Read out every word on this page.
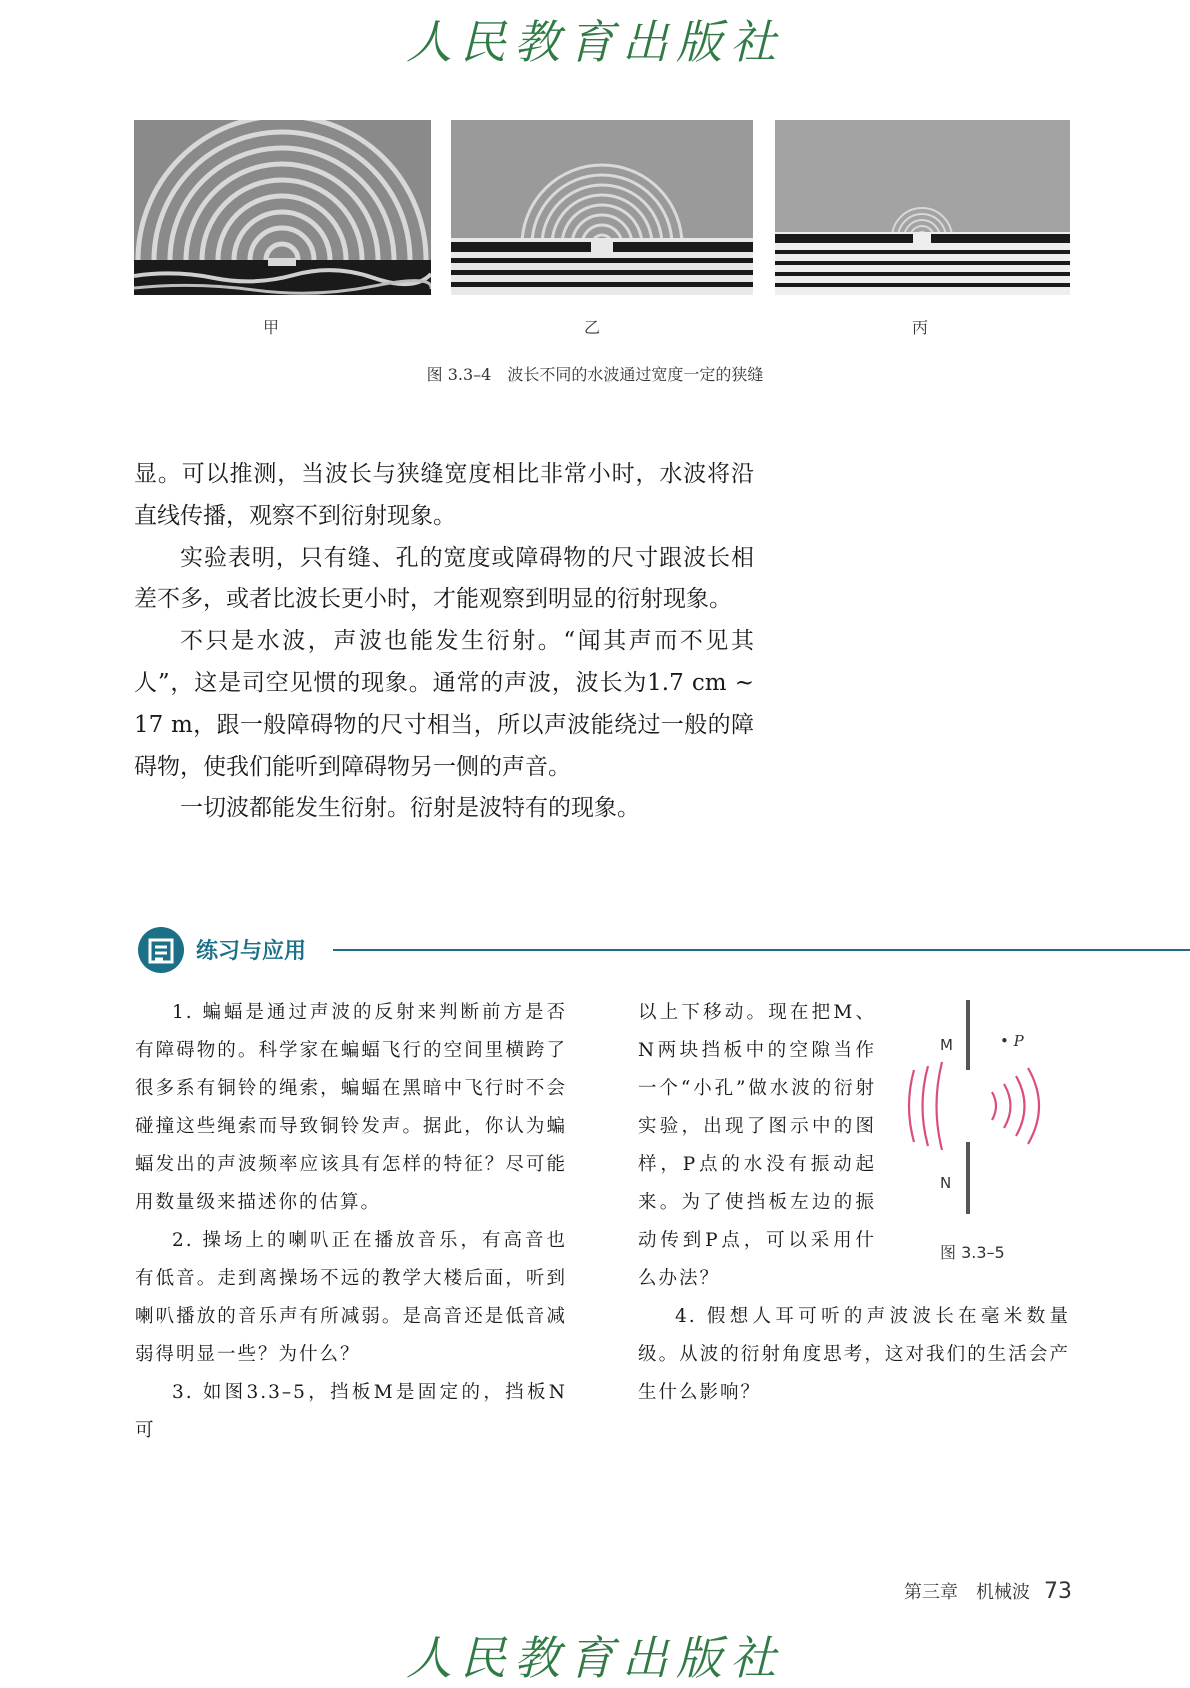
人民教育出版社
甲	乙	丙
图 3.3–4　波长不同的水波通过宽度一定的狭缝

显。可以推测，当波长与狭缝宽度相比非常小时，水波将沿直线传播，观察不到衍射现象。

实验表明，只有缝、孔的宽度或障碍物的尺寸跟波长相差不多，或者比波长更小时，才能观察到明显的衍射现象。

不只是水波，声波也能发生衍射。“闻其声而不见其人”，这是司空见惯的现象。通常的声波，波长为1.7 cm ~ 17 m，跟一般障碍物的尺寸相当，所以声波能绕过一般的障碍物，使我们能听到障碍物另一侧的声音。

一切波都能发生衍射。衍射是波特有的现象。

练习与应用

1. 蝙蝠是通过声波的反射来判断前方是否有障碍物的。科学家在蝙蝠飞行的空间里横跨了很多系有铜铃的绳索，蝙蝠在黑暗中飞行时不会碰撞这些绳索而导致铜铃发声。据此，你认为蝙蝠发出的声波频率应该具有怎样的特征？尽可能用数量级来描述你的估算。

2. 操场上的喇叭正在播放音乐，有高音也有低音。走到离操场不远的教学大楼后面，听到喇叭播放的音乐声有所减弱。是高音还是低音减弱得明显一些？为什么？

3. 如图3.3–5，挡板M是固定的，挡板N可

以上下移动。现在把M、N两块挡板中的空隙当作一个“小孔”做水波的衍射实验，出现了图示中的图样，P点的水没有振动起来。为了使挡板左边的振动传到P点，可以采用什么办法？

4. 假想人耳可听的声波波长在毫米数量级。从波的衍射角度思考，这对我们的生活会产生什么影响？

M
N
• P
图 3.3–5
第三章　机械波 73
人民教育出版社
